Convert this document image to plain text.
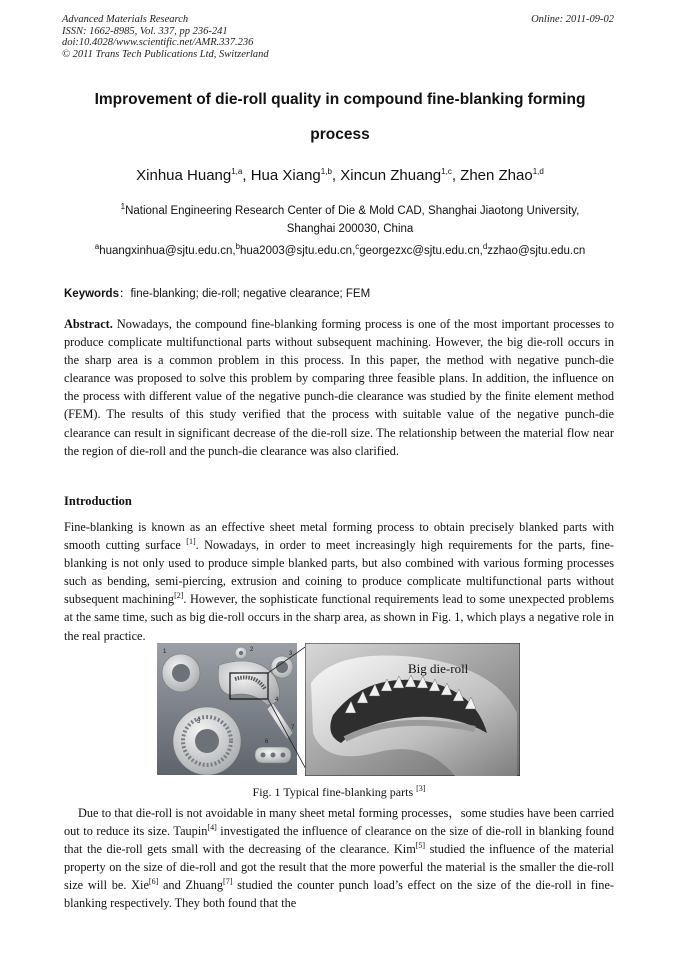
Advanced Materials Research
ISSN: 1662-8985, Vol. 337, pp 236-241
doi:10.4028/www.scientific.net/AMR.337.236
© 2011 Trans Tech Publications Ltd, Switzerland
Online: 2011-09-02
Improvement of die-roll quality in compound fine-blanking forming
process
Xinhua Huang$^{1,a}$, Hua Xiang$^{1,b}$, Xincun Zhuang$^{1,c}$, Zhen Zhao$^{1,d}$
$^1$National Engineering Research Center of Die & Mold CAD, Shanghai Jiaotong University,
Shanghai 200030, China
$^a$huangxinhua@sjtu.edu.cn,$^b$hua2003@sjtu.edu.cn,$^c$georgezxc@sjtu.edu.cn,$^d$zzhao@sjtu.edu.cn
Keywords：fine-blanking; die-roll; negative clearance; FEM
Abstract. Nowadays, the compound fine-blanking forming process is one of the most important processes to produce complicate multifunctional parts without subsequent machining. However, the big die-roll occurs in the sharp area is a common problem in this process. In this paper, the method with negative punch-die clearance was proposed to solve this problem by comparing three feasible plans. In addition, the influence on the process with different value of the negative punch-die clearance was studied by the finite element method (FEM). The results of this study verified that the process with suitable value of the negative punch-die clearance can result in significant decrease of the die-roll size. The relationship between the material flow near the region of die-roll and the punch-die clearance was also clarified.
Introduction
Fine-blanking is known as an effective sheet metal forming process to obtain precisely blanked parts with smooth cutting surface [1]. Nowadays, in order to meet increasingly high requirements for the parts, fine-blanking is not only used to produce simple blanked parts, but also combined with various forming processes such as bending, semi-piercing, extrusion and coining to produce complicate multifunctional parts without subsequent machining[2]. However, the sophisticate functional requirements lead to some unexpected problems at the same time, such as big die-roll occurs in the sharp area, as shown in Fig. 1, which plays a negative role in the real practice.
1	2
3
4
5
6
7
Big die-roll
Fig. 1 Typical fine-blanking parts [3]
Due to that die-roll is not avoidable in many sheet metal forming processes，some studies have been carried out to reduce its size. Taupin[4] investigated the influence of clearance on the size of die-roll in blanking found that the die-roll gets small with the decreasing of the clearance. Kim[5] studied the influence of the material property on the size of die-roll and got the result that the more powerful the material is the smaller the die-roll size will be. Xie[6] and Zhuang[7] studied the counter punch load’s effect on the size of the die-roll in fine-blanking respectively. They both found that the
